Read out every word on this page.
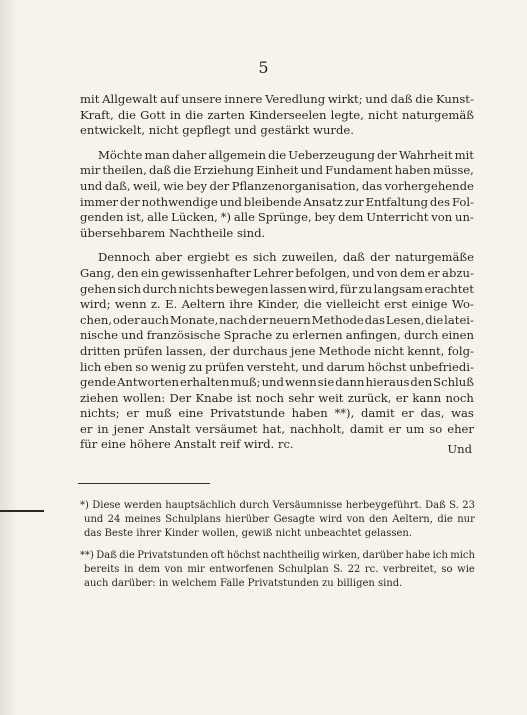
5
mit Allgewalt auf unsere innere Veredlung wirkt; und daß die Kunst-
Kraft, die Gott in die zarten Kinderseelen legte, nicht naturgemäß
entwickelt, nicht gepflegt und gestärkt wurde.
Möchte man daher allgemein die Ueberzeugung der Wahrheit mit
mir theilen, daß die Erziehung Einheit und Fundament haben müsse,
und daß, weil, wie bey der Pflanzenorganisation, das vorhergehende
immer der nothwendige und bleibende Ansatz zur Entfaltung des Fol-
genden ist, alle Lücken, *) alle Sprünge, bey dem Unterricht von un-
übersehbarem Nachtheile sind.
Dennoch aber ergiebt es sich zuweilen, daß der naturgemäße
Gang, den ein gewissenhafter Lehrer befolgen, und von dem er abzu-
gehen sich durch nichts bewegen lassen wird, für zu langsam erachtet
wird; wenn z. E. Aeltern ihre Kinder, die vielleicht erst einige Wo-
chen, oder auch Monate, nach der neuern Methode das Lesen, die latei-
nische und französische Sprache zu erlernen anfingen, durch einen
dritten prüfen lassen, der durchaus jene Methode nicht kennt, folg-
lich eben so wenig zu prüfen versteht, und darum höchst unbefriedi-
gende Antworten erhalten muß; und wenn sie dann hieraus den Schluß
ziehen wollen: Der Knabe ist noch sehr weit zurück, er kann noch
nichts; er muß eine Privatstunde haben **), damit er das, was
er in jener Anstalt versäumet hat, nachholt, damit er um so eher
für eine höhere Anstalt reif wird. rc.	Und
*) Diese werden hauptsächlich durch Versäumnisse herbeygeführt. Daß S. 23
und 24 meines Schulplans hierüber Gesagte wird von den Aeltern, die nur
das Beste ihrer Kinder wollen, gewiß nicht unbeachtet gelassen.
**) Daß die Privatstunden oft höchst nachtheilig wirken, darüber habe ich mich
bereits in dem von mir entworfenen Schulplan S. 22 rc. verbreitet, so wie
auch darüber: in welchem Falle Privatstunden zu billigen sind.
